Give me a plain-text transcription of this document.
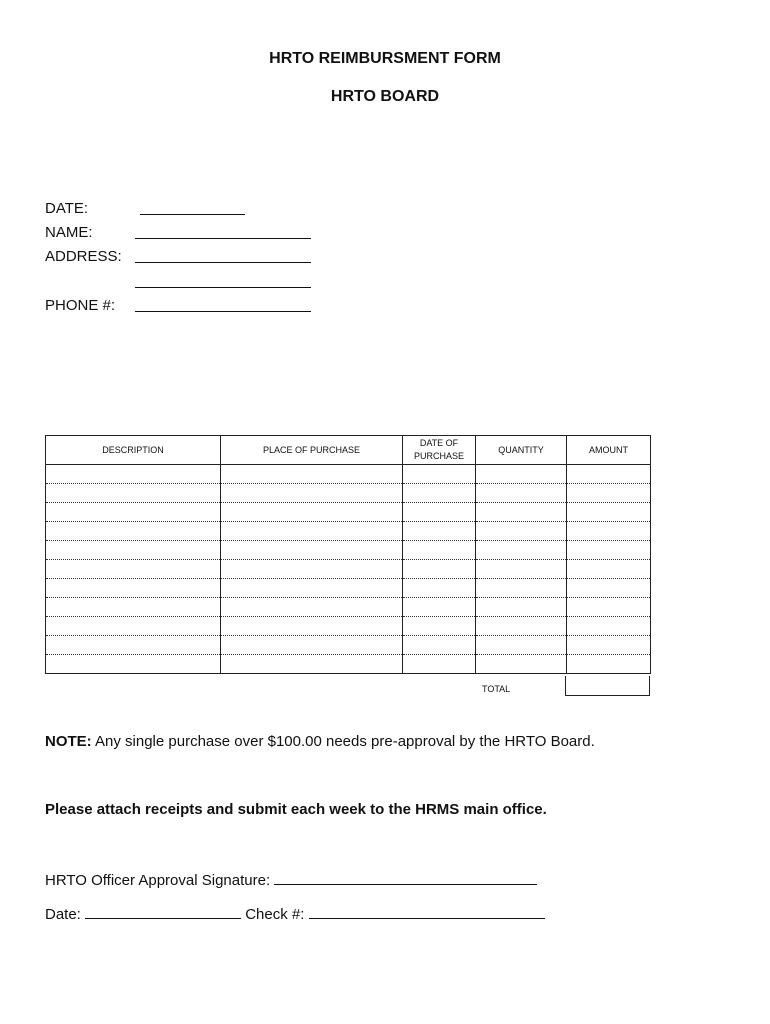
HRTO REIMBURSMENT FORM
HRTO BOARD
DATE:
NAME:
ADDRESS:
PHONE #:
DESCRIPTION	PLACE OF PURCHASE	DATE OF PURCHASE	QUANTITY	AMOUNT

TOTAL
NOTE: Any single purchase over $100.00 needs pre-approval by the HRTO Board.
Please attach receipts and submit each week to the HRMS main office.
HRTO Officer Approval Signature:
Date:	Check #:
